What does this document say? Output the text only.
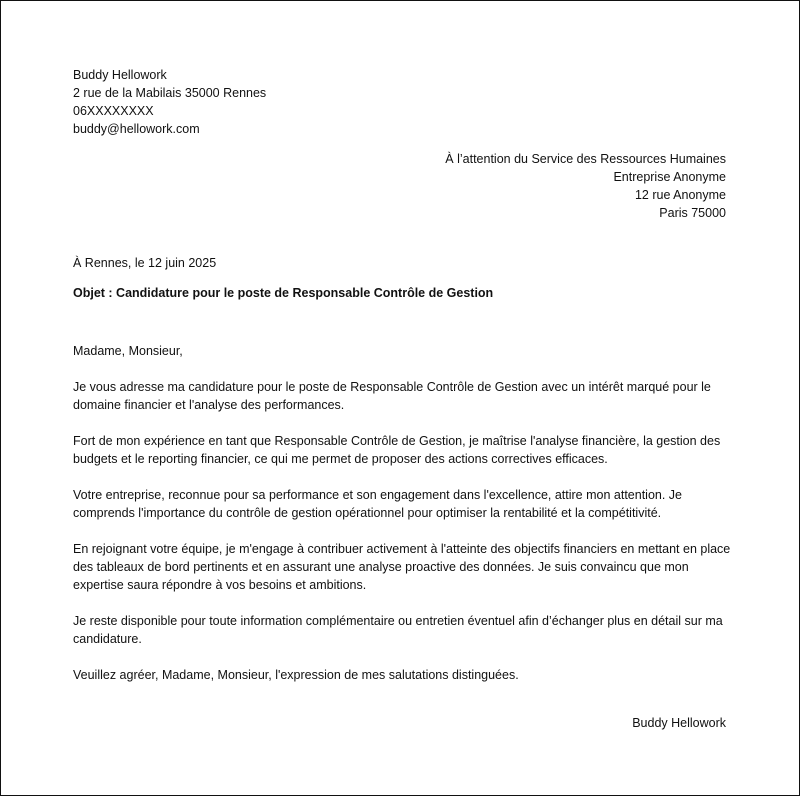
Buddy Hellowork
2 rue de la Mabilais 35000 Rennes
06XXXXXXXX
buddy@hellowork.com
À l’attention du Service des Ressources Humaines
Entreprise Anonyme
12 rue Anonyme
Paris 75000
À Rennes, le 12 juin 2025
Objet : Candidature pour le poste de Responsable Contrôle de Gestion

Madame, Monsieur,

Je vous adresse ma candidature pour le poste de Responsable Contrôle de Gestion avec un intérêt marqué pour le domaine financier et l'analyse des performances.

Fort de mon expérience en tant que Responsable Contrôle de Gestion, je maîtrise l'analyse financière, la gestion des budgets et le reporting financier, ce qui me permet de proposer des actions correctives efficaces.

Votre entreprise, reconnue pour sa performance et son engagement dans l'excellence, attire mon attention. Je comprends l'importance du contrôle de gestion opérationnel pour optimiser la rentabilité et la compétitivité.

En rejoignant votre équipe, je m'engage à contribuer activement à l'atteinte des objectifs financiers en mettant en place des tableaux de bord pertinents et en assurant une analyse proactive des données. Je suis convaincu que mon expertise saura répondre à vos besoins et ambitions.

Je reste disponible pour toute information complémentaire ou entretien éventuel afin d’échanger plus en détail sur ma candidature.

Veuillez agréer, Madame, Monsieur, l'expression de mes salutations distinguées.

Buddy Hellowork
